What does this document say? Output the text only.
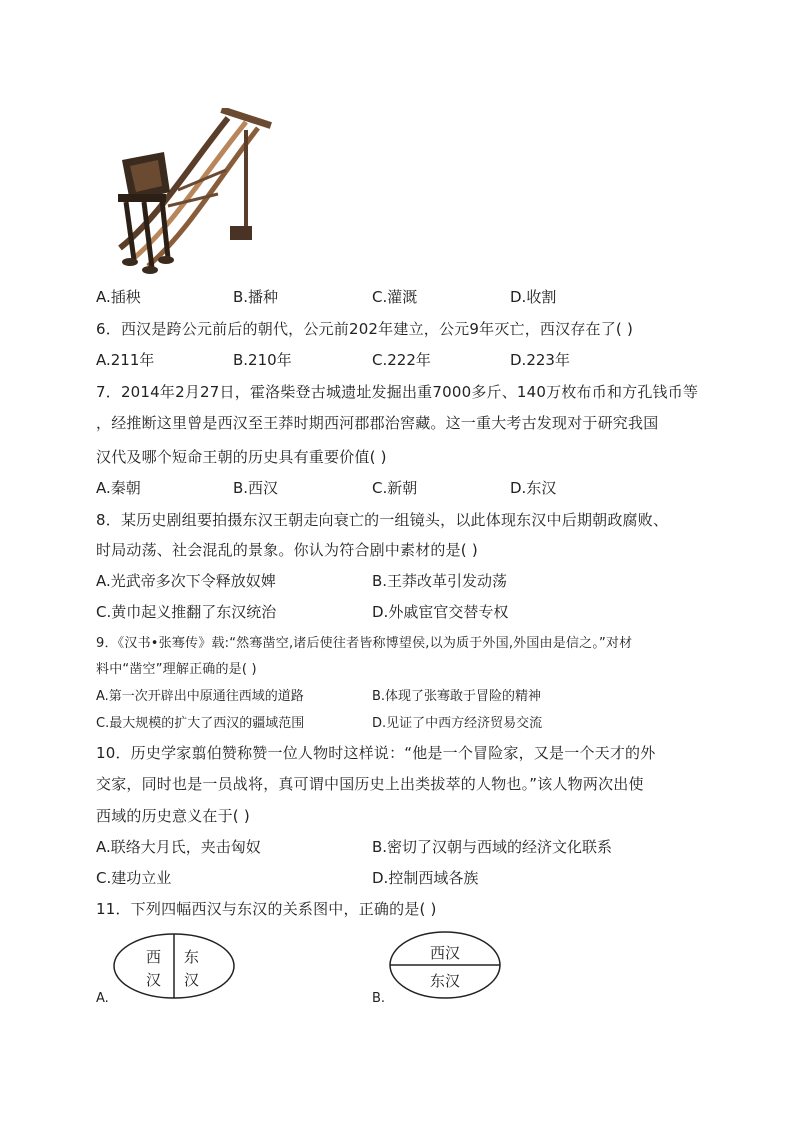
A.插秧	B.播种	C.灌溉	D.收割
6．西汉是跨公元前后的朝代，公元前202年建立，公元9年灭亡，西汉存在了( )
A.211年	B.210年	C.222年	D.223年
7．2014年2月27日，霍洛柴登古城遗址发掘出重7000多斤、140万枚布币和方孔钱币等
，经推断这里曾是西汉至王莽时期西河郡郡治窖藏。这一重大考古发现对于研究我国
汉代及哪个短命王朝的历史具有重要价值( )
A.秦朝	B.西汉	C.新朝	D.东汉
8．某历史剧组要拍摄东汉王朝走向衰亡的一组镜头，以此体现东汉中后期朝政腐败、
时局动荡、社会混乱的景象。你认为符合剧中素材的是( )
A.光武帝多次下令释放奴婢	B.王莽改革引发动荡
C.黄巾起义推翻了东汉统治	D.外戚宦官交替专权
9．《汉书•张骞传》载:“然骞凿空,诸后使往者皆称博望侯,以为质于外国,外国由是信之。”对材
料中“凿空”理解正确的是( )
A.第一次开辟出中原通往西域的道路	B.体现了张骞敢于冒险的精神
C.最大规模的扩大了西汉的疆域范围	D.见证了中西方经济贸易交流
10．历史学家翦伯赞称赞一位人物时这样说：“他是一个冒险家，又是一个天才的外
交家，同时也是一员战将，真可谓中国历史上出类拔萃的人物也。”该人物两次出使
西域的历史意义在于( )
A.联络大月氏，夹击匈奴	B.密切了汉朝与西域的经济文化联系
C.建功立业	D.控制西域各族
11．下列四幅西汉与东汉的关系图中，正确的是( )
西
汉
东
汉
A.
西汉
东汉
B.
